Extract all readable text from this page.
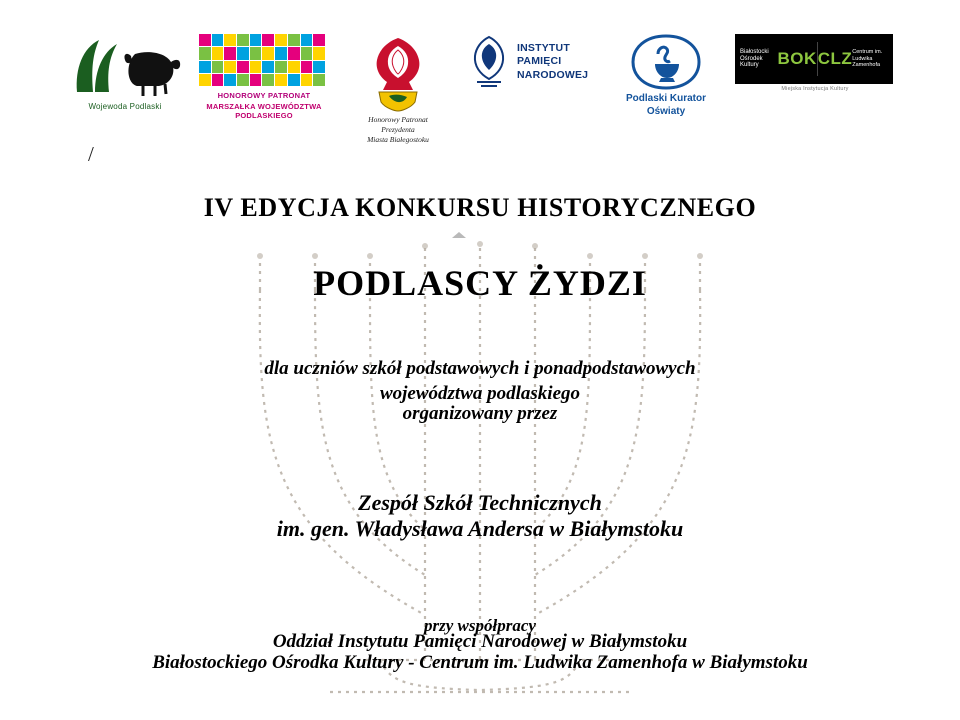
Wojewoda Podlaski
HONOROWY PATRONAT
MARSZAŁKA WOJEWÓDZTWA PODLASKIEGO	Honorowy Patronat
Prezydenta
Miasta Białegostoku
INSTYTUT
PAMIĘCI
NARODOWEJ
Podlaski Kurator
Oświaty
Białostocki Ośrodek Kultury	BOK CLZ Centrum im. Ludwika Zamenhofa
Miejska Instytucja Kultury
/
IV EDYCJA KONKURSU HISTORYCZNEGO
PODLASCY ŻYDZI
dla uczniów szkół podstawowych i ponadpodstawowych
województwa podlaskiego
organizowany przez
Zespół Szkół Technicznych
im. gen. Władysława Andersa w Białymstoku
przy współpracy
Oddział Instytutu Pamięci Narodowej w Białymstoku
Białostockiego Ośrodka Kultury - Centrum im. Ludwika Zamenhofa w Białymstoku
